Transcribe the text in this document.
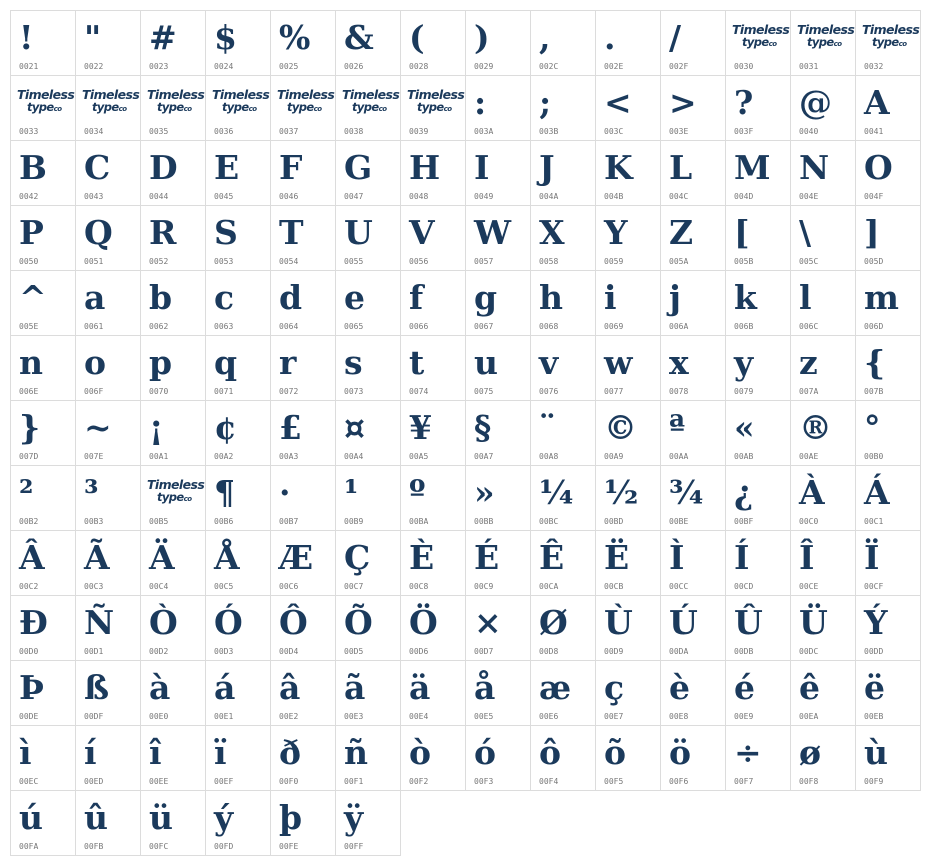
!
0021
"
0022
#
0023
$
0024
%
0025
&
0026
(
0028
)
0029
,
002C
.
002E
/
002F
Timeless
typeco
0030
Timeless
typeco
0031
Timeless
typeco
0032
Timeless
typeco
0033
Timeless
typeco
0034
Timeless
typeco
0035
Timeless
typeco
0036
Timeless
typeco
0037
Timeless
typeco
0038
Timeless
typeco
0039
:
003A
;
003B
<
003C
>
003E
?
003F
@
0040
A
0041
B
0042
C
0043
D
0044
E
0045
F
0046
G
0047
H
0048
I
0049
J
004A
K
004B
L
004C
M
004D
N
004E
O
004F
P
0050
Q
0051
R
0052
S
0053
T
0054
U
0055
V
0056
W
0057
X
0058
Y
0059
Z
005A
[
005B
\
005C
]
005D
^
005E
a
0061
b
0062
c
0063
d
0064
e
0065
f
0066
g
0067
h
0068
i
0069
j
006A
k
006B
l
006C
m
006D
n
006E
o
006F
p
0070
q
0071
r
0072
s
0073
t
0074
u
0075
v
0076
w
0077
x
0078
y
0079
z
007A
{
007B
}
007D
~
007E
¡
00A1
¢
00A2
£
00A3
¤
00A4
¥
00A5
§
00A7
¨
00A8
©
00A9
ª
00AA
«
00AB
®
00AE
°
00B0
²
00B2
³
00B3
Timeless
typeco
00B5
¶
00B6
·
00B7
¹
00B9
º
00BA
»
00BB
¼
00BC
½
00BD
¾
00BE
¿
00BF
À
00C0
Á
00C1
Â
00C2
Ã
00C3
Ä
00C4
Å
00C5
Æ
00C6
Ç
00C7
È
00C8
É
00C9
Ê
00CA
Ë
00CB
Ì
00CC
Í
00CD
Î
00CE
Ï
00CF
Ð
00D0
Ñ
00D1
Ò
00D2
Ó
00D3
Ô
00D4
Õ
00D5
Ö
00D6
×
00D7
Ø
00D8
Ù
00D9
Ú
00DA
Û
00DB
Ü
00DC
Ý
00DD
Þ
00DE
ß
00DF
à
00E0
á
00E1
â
00E2
ã
00E3
ä
00E4
å
00E5
æ
00E6
ç
00E7
è
00E8
é
00E9
ê
00EA
ë
00EB
ì
00EC
í
00ED
î
00EE
ï
00EF
ð
00F0
ñ
00F1
ò
00F2
ó
00F3
ô
00F4
õ
00F5
ö
00F6
÷
00F7
ø
00F8
ù
00F9
ú
00FA
û
00FB
ü
00FC
ý
00FD
þ
00FE
ÿ
00FF
